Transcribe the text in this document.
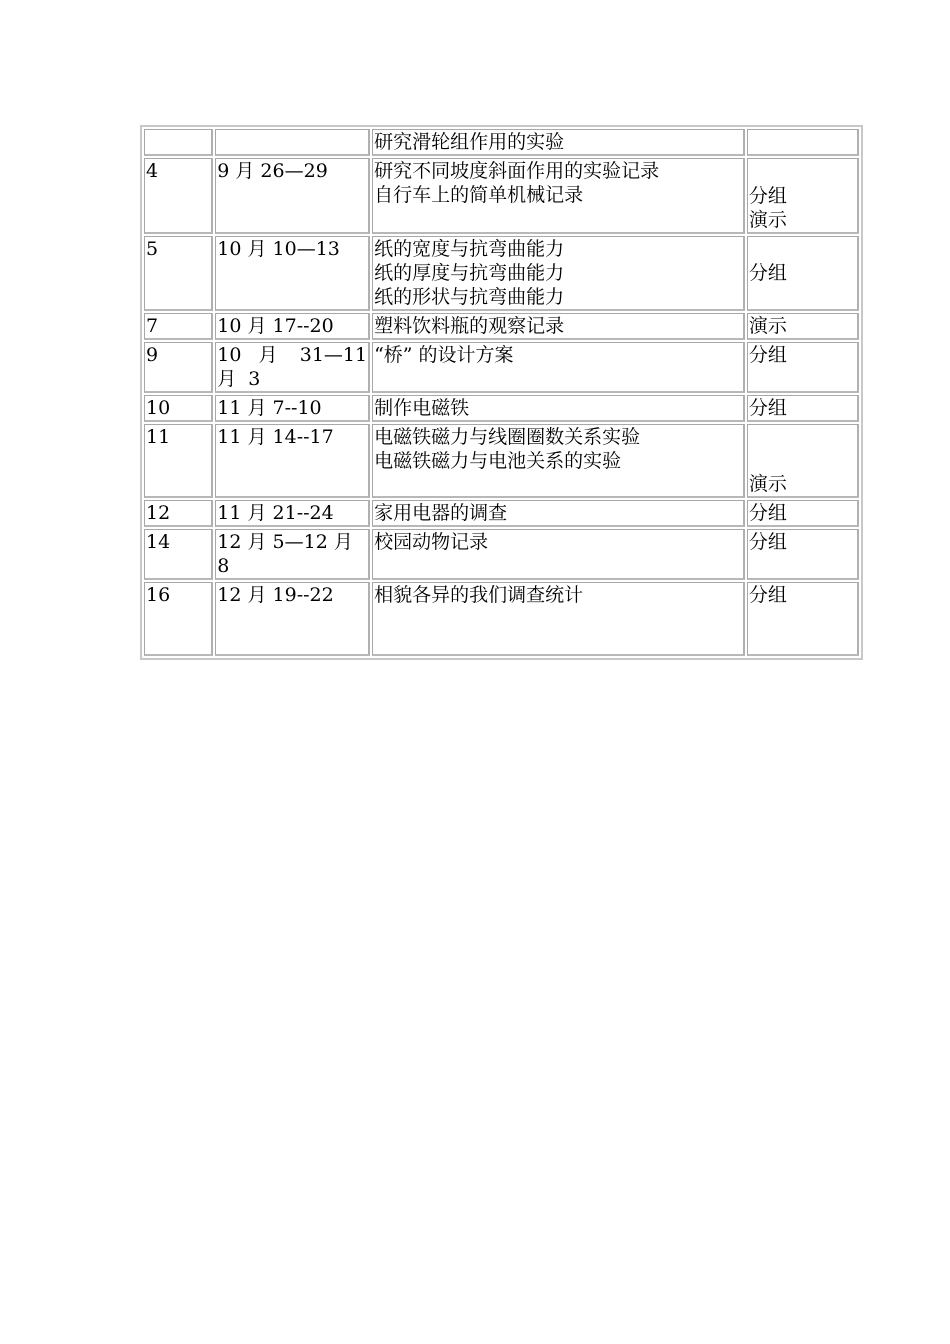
		研究滑轮组作用的实验	

4	9 月 26—29	研究不同坡度斜面作用的实验记录
自行车上的简单机械记录	分组
演示

5	10 月 10—13	纸的宽度与抗弯曲能力
纸的厚度与抗弯曲能力
纸的形状与抗弯曲能力	分组

7	10 月 17--20	塑料饮料瓶的观察记录	演示

9	10 月 31—11 月 3	“桥” 的设计方案	分组

10	11 月 7--10	制作电磁铁	分组

11	11 月 14--17	电磁铁磁力与线圈圈数关系实验
电磁铁磁力与电池关系的实验	演示

12	11 月 21--24	家用电器的调查	分组

14	12 月 5—12 月 8	校园动物记录	分组

16	12 月 19--22	相貌各异的我们调查统计	分组
